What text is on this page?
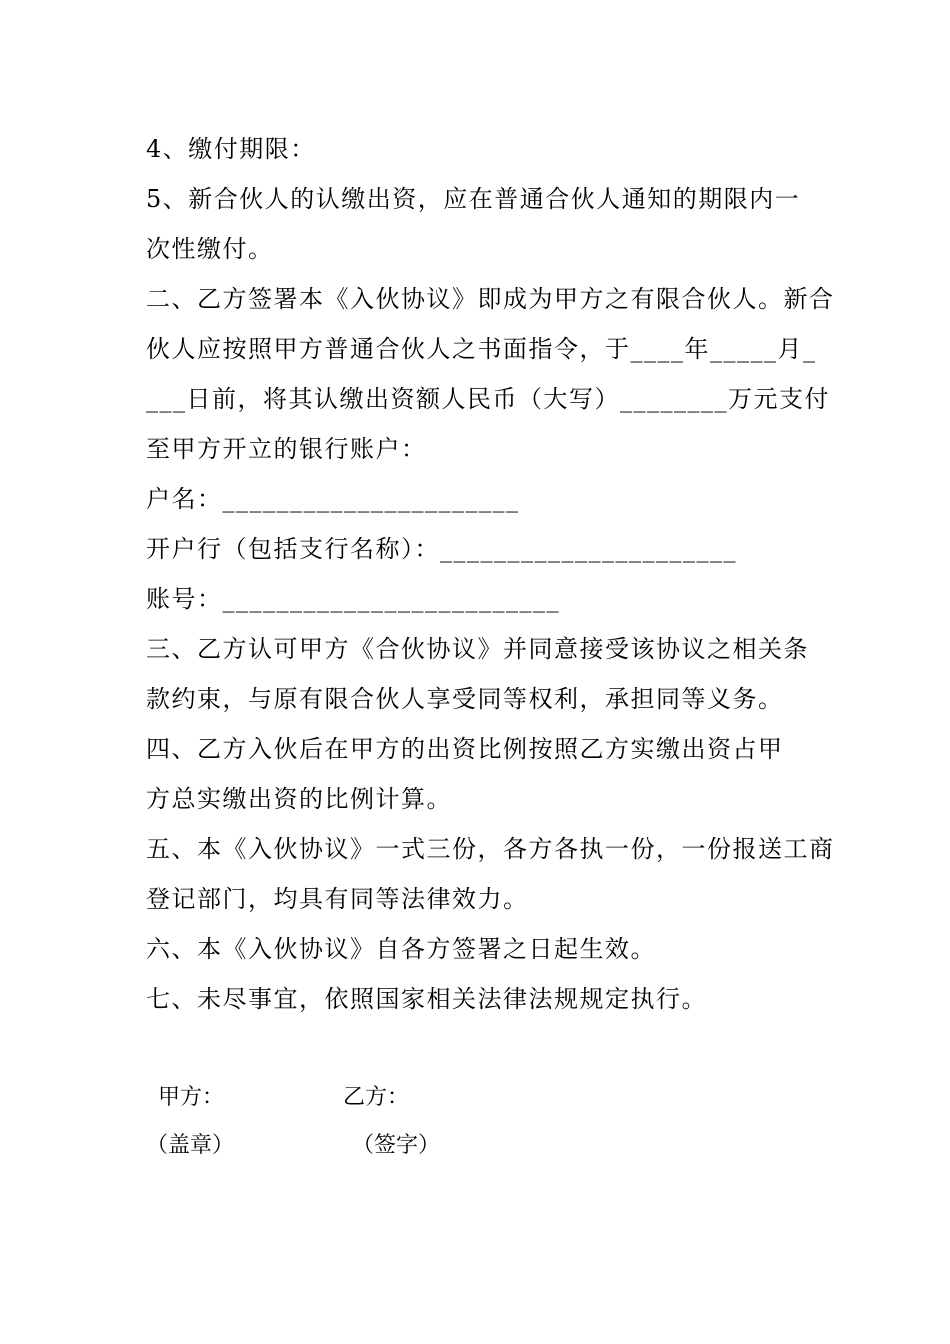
4、缴付期限：
5、新合伙人的认缴出资，应在普通合伙人通知的期限内一
次性缴付。
二、乙方签署本《入伙协议》即成为甲方之有限合伙人。新合
伙人应按照甲方普通合伙人之书面指令，于____年_____月_
___日前，将其认缴出资额人民币（大写）________万元支付
至甲方开立的银行账户：
户名：______________________
开户行（包括支行名称）：______________________
账号：_________________________
三、乙方认可甲方《合伙协议》并同意接受该协议之相关条
款约束，与原有限合伙人享受同等权利，承担同等义务。
四、乙方入伙后在甲方的出资比例按照乙方实缴出资占甲
方总实缴出资的比例计算。
五、本《入伙协议》一式三份，各方各执一份，一份报送工商
登记部门，均具有同等法律效力。
六、本《入伙协议》自各方签署之日起生效。
七、未尽事宜，依照国家相关法律法规规定执行。
甲方：	乙方：
（盖章）	（签字）
